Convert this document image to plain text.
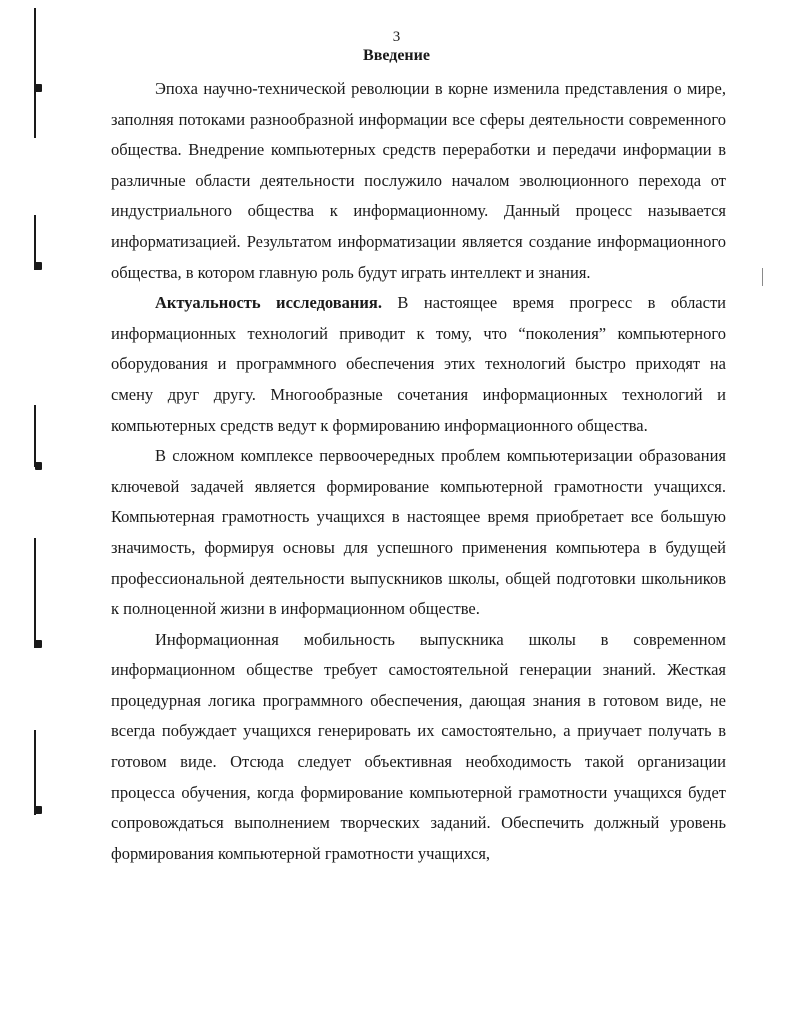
3
Введение

Эпоха научно-технической революции в корне изменила представления о мире, заполняя потоками разнообразной информации все сферы деятельности современного общества. Внедрение компьютерных средств переработки и передачи информации в различные области деятельности послужило началом эволюционного перехода от индустриального общества к информационному. Данный процесс называется информатизацией. Результатом информатизации является создание информационного общества, в котором главную роль будут играть интеллект и знания.

Актуальность исследования. В настоящее время прогресс в области информационных технологий приводит к тому, что “поколения” компьютерного оборудования и программного обеспечения этих технологий быстро приходят на смену друг другу. Многообразные сочетания информационных технологий и компьютерных средств ведут к формированию информационного общества.

В сложном комплексе первоочередных проблем компьютеризации образования ключевой задачей является формирование компьютерной грамотности учащихся. Компьютерная грамотность учащихся в настоящее время приобретает все большую значимость, формируя основы для успешного применения компьютера в будущей профессиональной деятельности выпускников школы, общей подготовки школьников к полноценной жизни в информационном обществе.

Информационная мобильность выпускника школы в современном информационном обществе требует самостоятельной генерации знаний. Жесткая процедурная логика программного обеспечения, дающая знания в готовом виде, не всегда побуждает учащихся генерировать их самостоятельно, а приучает получать в готовом виде. Отсюда следует объективная необходимость такой организации процесса обучения, когда формирование компьютерной грамотности учащихся будет сопровождаться выполнением творческих заданий. Обеспечить должный уровень формирования компьютерной грамотности учащихся,
